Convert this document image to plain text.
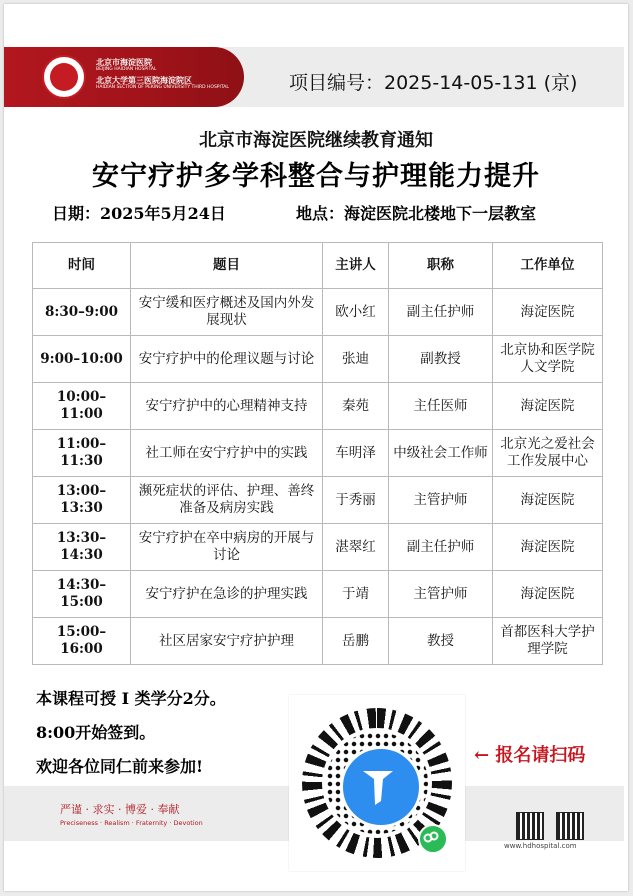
北京市海淀医院
BEIJING HAIDIAN HOSPITAL
北京大学第三医院海淀院区
HAIDIAN SECTION OF PEKING UNIVERSITY THIRD HOSPITAL	项目编号：2025-14-05-131 (京)
北京市海淀医院继续教育通知
安宁疗护多学科整合与护理能力提升
日期：2025年5月24日	地点：海淀医院北楼地下一层教室
时间	题目	主讲人	职称	工作单位
8:30–9:00	安宁缓和医疗概述及国内外发展现状	欧小红	副主任护师	海淀医院
9:00–10:00	安宁疗护中的伦理议题与讨论	张迪	副教授	北京协和医学院人文学院
10:00–11:00	安宁疗护中的心理精神支持	秦苑	主任医师	海淀医院
11:00–11:30	社工师在安宁疗护中的实践	车明泽	中级社会工作师	北京光之爱社会工作发展中心
13:00–13:30	濒死症状的评估、护理、善终准备及病房实践	于秀丽	主管护师	海淀医院
13:30–14:30	安宁疗护在卒中病房的开展与讨论	湛翠红	副主任护师	海淀医院
14:30–15:00	安宁疗护在急诊的护理实践	于靖	主管护师	海淀医院
15:00–16:00	社区居家安宁疗护护理	岳鹏	教授	首都医科大学护理学院
本课程可授 I 类学分2分。
8:00开始签到。
欢迎各位同仁前来参加!
严谨 · 求实 · 博爱 · 奉献
Preciseness · Realism · Fraternity · Devotion
www.hdhospital.com
← 报名请扫码
